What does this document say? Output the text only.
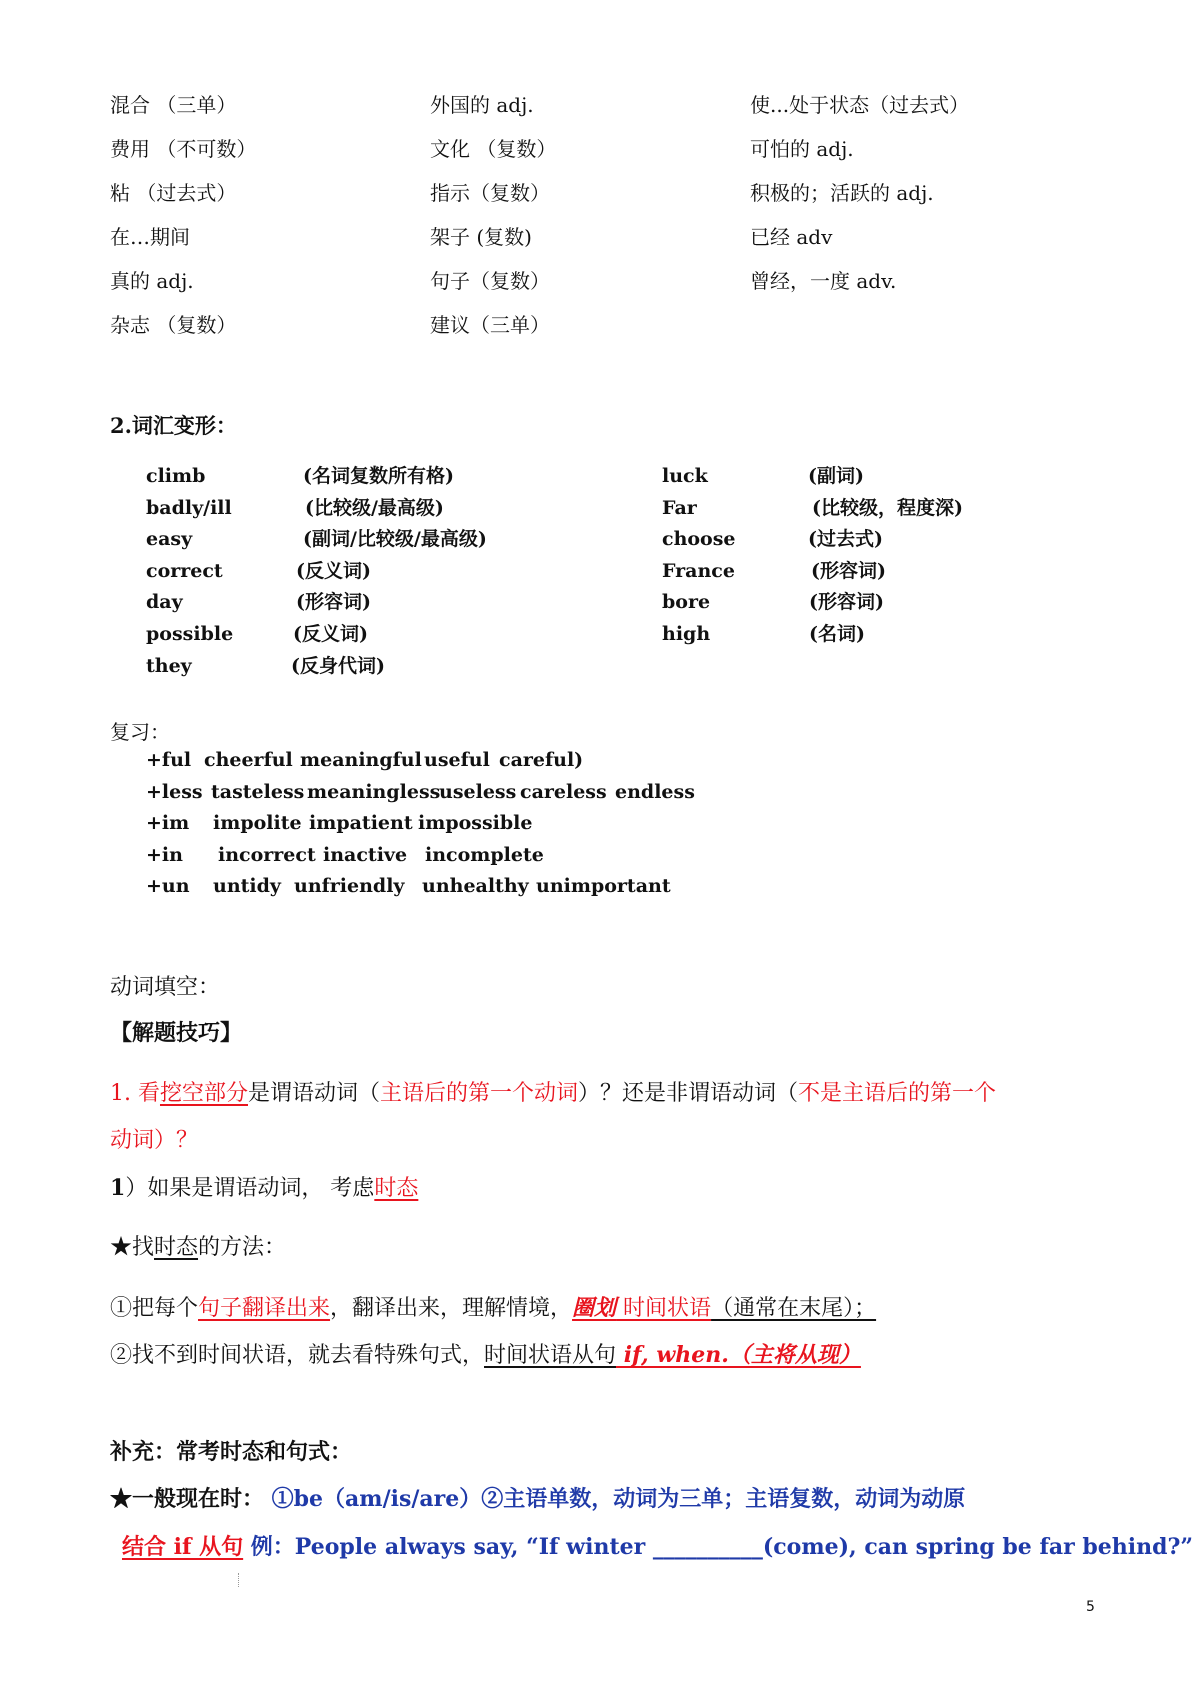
混合 （三单）	外国的 adj.	使...处于状态（过去式）
费用 （不可数）	文化 （复数）	可怕的 adj.
粘 （过去式）	指示（复数）	积极的；活跃的 adj.
在…期间	架子 (复数)	已经 adv
真的 adj.	句子（复数）	曾经，一度 adv.
杂志 （复数）	建议（三单）
2.词汇变形：
climb	(名词复数所有格)	luck	(副词)
badly/ill	(比较级/最高级)	Far	(比较级，程度深)
easy	(副词/比较级/最高级)	choose	(过去式)
correct	(反义词)	France	(形容词)
day	(形容词)	bore	(形容词)
possible	(反义词)	high	(名词)
they	(反身代词)
复习：
+ful cheerful meaningful useful careful)
+less tasteless meaningless
useless careless endless
+im impolite impatient impossible
+in incorrect inactive incomplete
+un untidy unfriendly unhealthy unimportant
动词填空：
【解题技巧】
1. 看挖空部分是谓语动词（主语后的第一个动词）？还是非谓语动词（不是主语后的第一个
动词）？
1）如果是谓语动词， 考虑时态
★找时态的方法：
①把每个句子翻译出来，翻译出来，理解情境，圈划 时间状语（通常在末尾）；
②找不到时间状语，就去看特殊句式，时间状语从句 if, when.（主将从现）
补充：常考时态和句式：
★一般现在时： ①be（am/is/are）②主语单数，动词为三单；主语复数，动词为动原
结合 if 从句 例：People always say, “If winter __________(come), can spring be far behind?”
5
